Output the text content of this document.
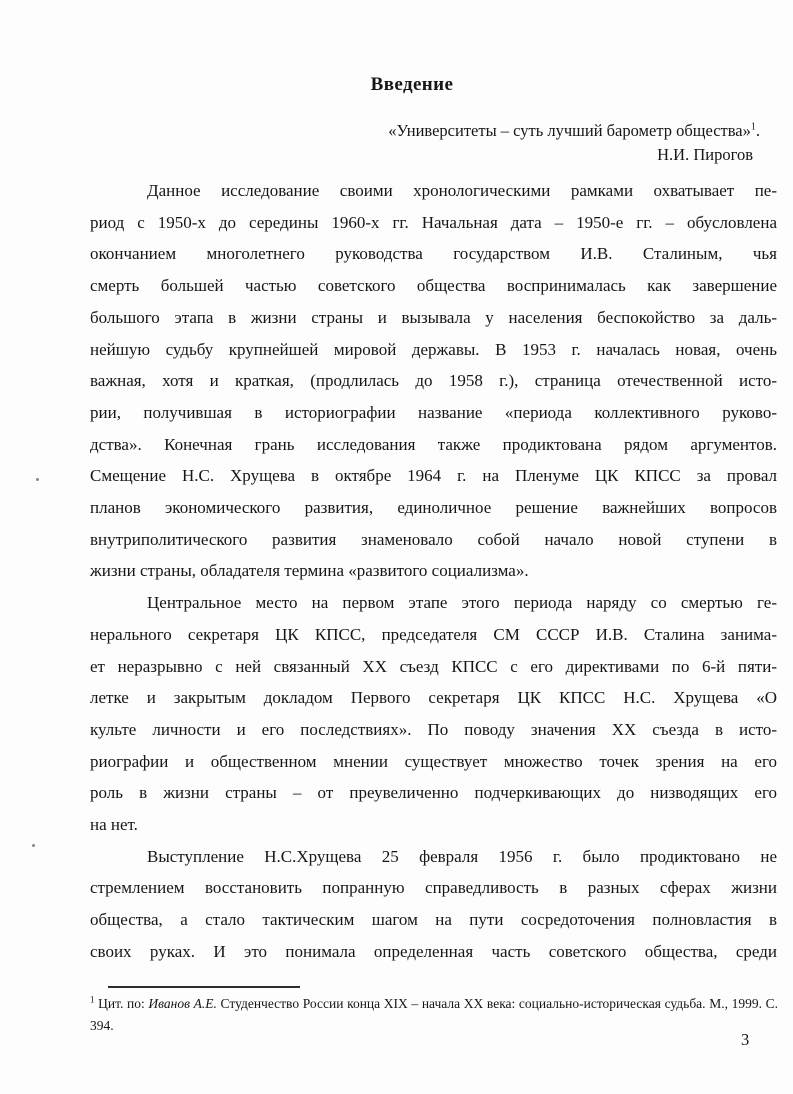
Введение
«Университеты – суть лучший барометр общества»$^1$.
Н.И. Пирогов
Данное исследование своими хронологическими рамками охватывает пе-
риод с 1950-х до середины 1960-х гг. Начальная дата – 1950-е гг. – обусловлена
окончанием многолетнего руководства государством И.В. Сталиным, чья
смерть большей частью советского общества воспринималась как завершение
большого этапа в жизни страны и вызывала у населения беспокойство за даль-
нейшую судьбу крупнейшей мировой державы. В 1953 г. началась новая, очень
важная, хотя и краткая, (продлилась до 1958 г.), страница отечественной исто-
рии, получившая в историографии название «периода коллективного руково-
дства». Конечная грань исследования также продиктована рядом аргументов.
Смещение Н.С. Хрущева в октябре 1964 г. на Пленуме ЦК КПСС за провал
планов экономического развития, единоличное решение важнейших вопросов
внутриполитического развития знаменовало собой начало новой ступени в
жизни страны, обладателя термина «развитого социализма».
Центральное место на первом этапе этого периода наряду со смертью ге-
нерального секретаря ЦК КПСС, председателя СМ СССР И.В. Сталина занима-
ет неразрывно с ней связанный XX съезд КПСС с его директивами по 6-й пяти-
летке и закрытым докладом Первого секретаря ЦК КПСС Н.С. Хрущева «О
культе личности и его последствиях». По поводу значения XX съезда в исто-
риографии и общественном мнении существует множество точек зрения на его
роль в жизни страны – от преувеличенно подчеркивающих до низводящих его
на нет.
Выступление Н.С.Хрущева 25 февраля 1956 г. было продиктовано не
стремлением восстановить попранную справедливость в разных сферах жизни
общества, а стало тактическим шагом на пути сосредоточения полновластия в
своих руках. И это понимала определенная часть советского общества, среди
$^1$ Цит. по: Иванов А.Е. Студенчество России конца XIX – начала XX века: социально-историческая судьба. М., 1999. С. 394.
3
